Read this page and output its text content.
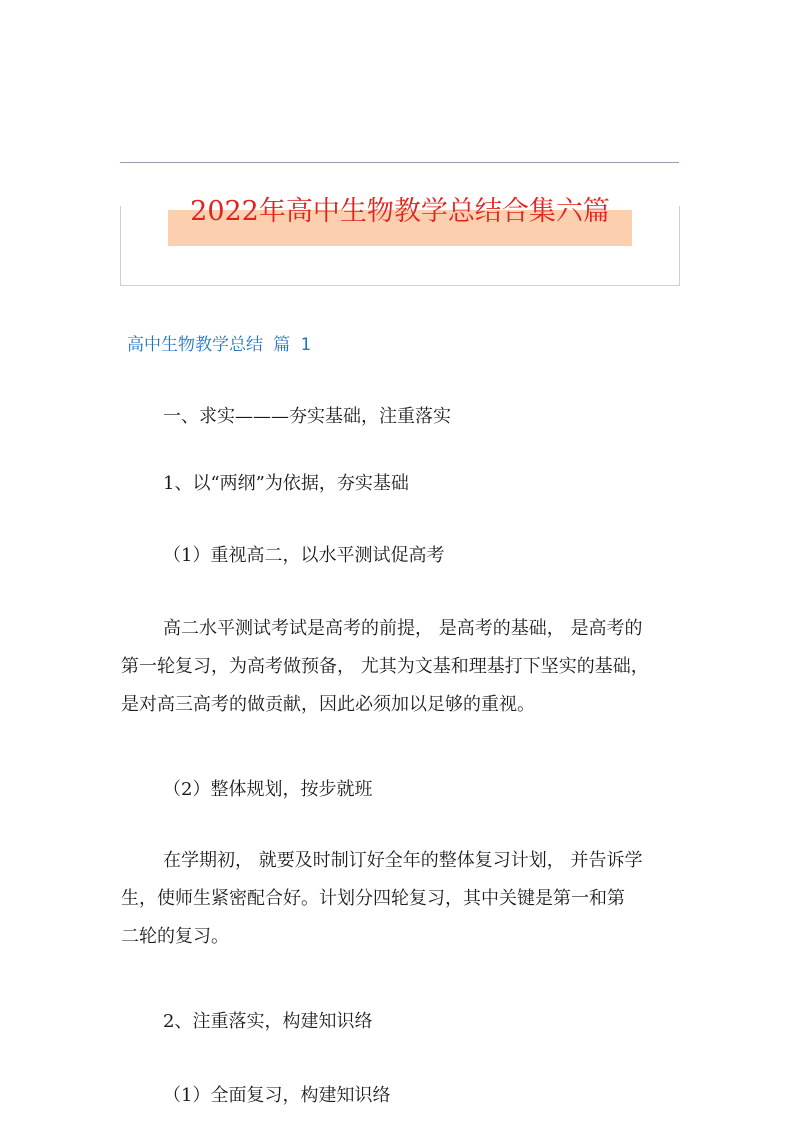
2022年高中生物教学总结合集六篇
高中生物教学总结 篇 1

一、求实———夯实基础，注重落实

1、以“两纲”为依据，夯实基础

（1）重视高二，以水平测试促高考

高二水平测试考试是高考的前提， 是高考的基础， 是高考的
第一轮复习，为高考做预备， 尤其为文基和理基打下坚实的基础，
是对高三高考的做贡献，因此必须加以足够的重视。

（2）整体规划，按步就班

在学期初， 就要及时制订好全年的整体复习计划， 并告诉学
生，使师生紧密配合好。计划分四轮复习，其中关键是第一和第
二轮的复习。

2、注重落实，构建知识络

（1）全面复习，构建知识络
